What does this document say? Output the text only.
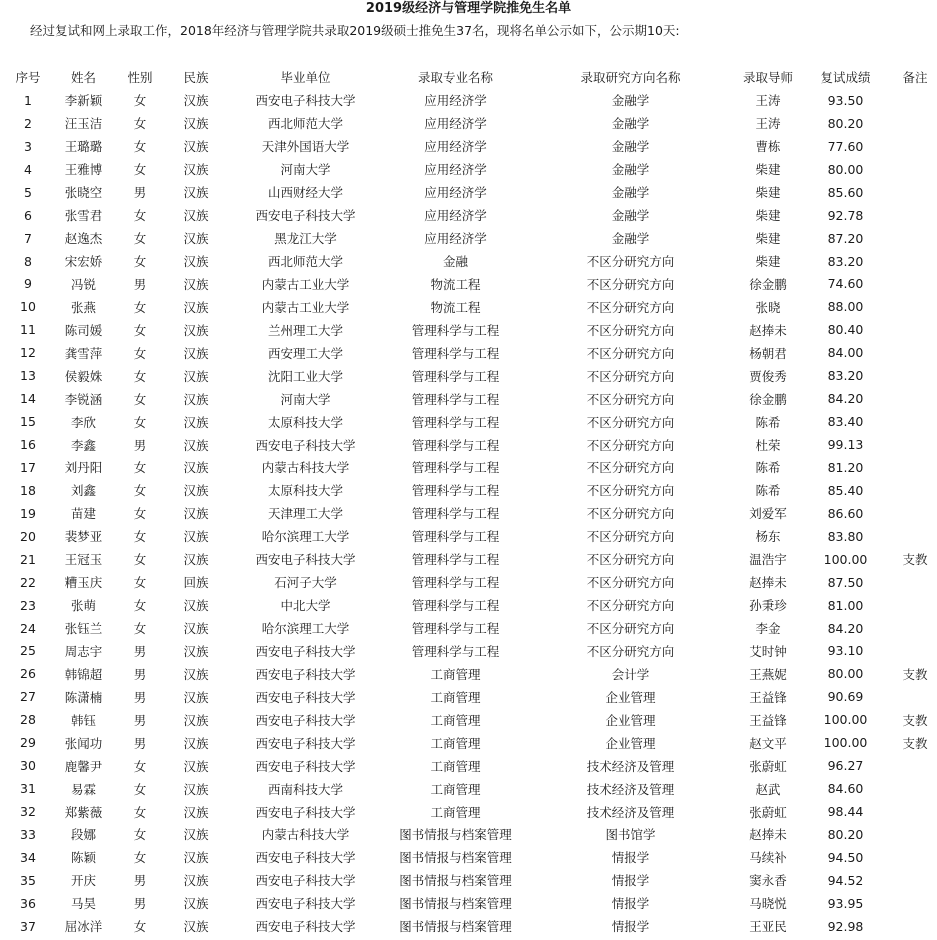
2019级经济与管理学院推免生名单

经过复试和网上录取工作，2018年经济与管理学院共录取2019级硕士推免生37名，现将名单公示如下，公示期10天:

序号	姓名	性别	民族	毕业单位	录取专业名称	录取研究方向名称	录取导师	复试成绩	备注
1	李新颖	女	汉族	西安电子科技大学	应用经济学	金融学	王涛	93.50	
2	汪玉洁	女	汉族	西北师范大学	应用经济学	金融学	王涛	80.20	
3	王璐璐	女	汉族	天津外国语大学	应用经济学	金融学	曹栋	77.60	
4	王雅博	女	汉族	河南大学	应用经济学	金融学	柴建	80.00	
5	张晓空	男	汉族	山西财经大学	应用经济学	金融学	柴建	85.60	
6	张雪君	女	汉族	西安电子科技大学	应用经济学	金融学	柴建	92.78	
7	赵逸杰	女	汉族	黑龙江大学	应用经济学	金融学	柴建	87.20	
8	宋宏娇	女	汉族	西北师范大学	金融	不区分研究方向	柴建	83.20	
9	冯锐	男	汉族	内蒙古工业大学	物流工程	不区分研究方向	徐金鹏	74.60	
10	张燕	女	汉族	内蒙古工业大学	物流工程	不区分研究方向	张晓	88.00	
11	陈司媛	女	汉族	兰州理工大学	管理科学与工程	不区分研究方向	赵捧未	80.40	
12	龚雪萍	女	汉族	西安理工大学	管理科学与工程	不区分研究方向	杨朝君	84.00	
13	侯毅姝	女	汉族	沈阳工业大学	管理科学与工程	不区分研究方向	贾俊秀	83.20	
14	李锐涵	女	汉族	河南大学	管理科学与工程	不区分研究方向	徐金鹏	84.20	
15	李欣	女	汉族	太原科技大学	管理科学与工程	不区分研究方向	陈希	83.40	
16	李鑫	男	汉族	西安电子科技大学	管理科学与工程	不区分研究方向	杜荣	99.13	
17	刘丹阳	女	汉族	内蒙古科技大学	管理科学与工程	不区分研究方向	陈希	81.20	
18	刘鑫	女	汉族	太原科技大学	管理科学与工程	不区分研究方向	陈希	85.40	
19	苗建	女	汉族	天津理工大学	管理科学与工程	不区分研究方向	刘爱军	86.60	
20	裴梦亚	女	汉族	哈尔滨理工大学	管理科学与工程	不区分研究方向	杨东	83.80	
21	王冠玉	女	汉族	西安电子科技大学	管理科学与工程	不区分研究方向	温浩宇	100.00	支教
22	糟玉庆	女	回族	石河子大学	管理科学与工程	不区分研究方向	赵捧未	87.50	
23	张萌	女	汉族	中北大学	管理科学与工程	不区分研究方向	孙秉珍	81.00	
24	张钰兰	女	汉族	哈尔滨理工大学	管理科学与工程	不区分研究方向	李金	84.20	
25	周志宇	男	汉族	西安电子科技大学	管理科学与工程	不区分研究方向	艾时钟	93.10	
26	韩锦超	男	汉族	西安电子科技大学	工商管理	会计学	王燕妮	80.00	支教
27	陈潇楠	男	汉族	西安电子科技大学	工商管理	企业管理	王益锋	90.69	
28	韩钰	男	汉族	西安电子科技大学	工商管理	企业管理	王益锋	100.00	支教
29	张闻功	男	汉族	西安电子科技大学	工商管理	企业管理	赵文平	100.00	支教
30	鹿馨尹	女	汉族	西安电子科技大学	工商管理	技术经济及管理	张蔚虹	96.27	
31	易霖	女	汉族	西南科技大学	工商管理	技术经济及管理	赵武	84.60	
32	郑紫薇	女	汉族	西安电子科技大学	工商管理	技术经济及管理	张蔚虹	98.44	
33	段娜	女	汉族	内蒙古科技大学	图书情报与档案管理	图书馆学	赵捧未	80.20	
34	陈颖	女	汉族	西安电子科技大学	图书情报与档案管理	情报学	马续补	94.50	
35	开庆	男	汉族	西安电子科技大学	图书情报与档案管理	情报学	窦永香	94.52	
36	马昊	男	汉族	西安电子科技大学	图书情报与档案管理	情报学	马晓悦	93.95	
37	屈冰洋	女	汉族	西安电子科技大学	图书情报与档案管理	情报学	王亚民	92.98	
